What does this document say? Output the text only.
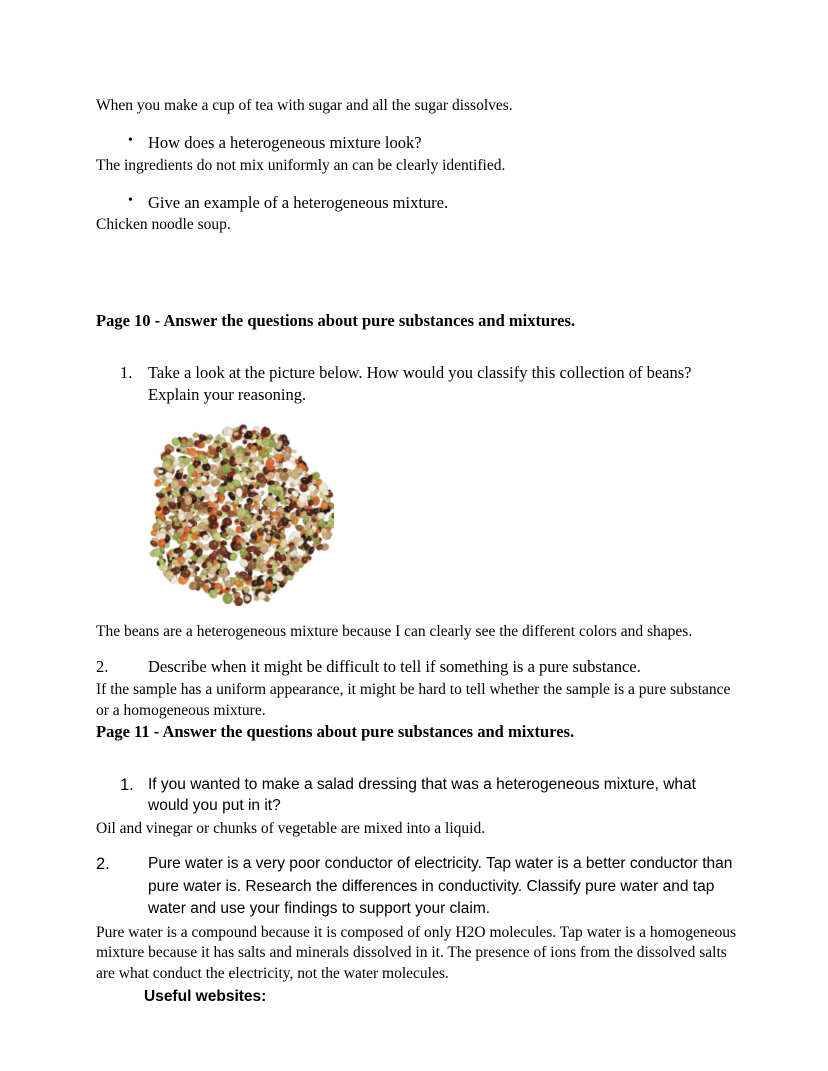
When you make a cup of tea with sugar and all the sugar dissolves.

• How does a heterogeneous mixture look?

The ingredients do not mix uniformly an can be clearly identified.

• Give an example of a heterogeneous mixture.

Chicken noodle soup.

Page 10 - Answer the questions about pure substances and mixtures.

1. Take a look at the picture below. How would you classify this collection of beans? Explain your reasoning.

The beans are a heterogeneous mixture because I can clearly see the different colors and shapes.

2.	Describe when it might be difficult to tell if something is a pure substance.

If the sample has a uniform appearance, it might be hard to tell whether the sample is a pure substance or a homogeneous mixture.

Page 11 - Answer the questions about pure substances and mixtures.

1. If you wanted to make a salad dressing that was a heterogeneous mixture, what would you put in it?

Oil and vinegar or chunks of vegetable are mixed into a liquid.

2.	Pure water is a very poor conductor of electricity. Tap water is a better conductor than pure water is. Research the differences in conductivity. Classify pure water and tap water and use your findings to support your claim.

Pure water is a compound because it is composed of only H2O molecules. Tap water is a homogeneous mixture because it has salts and minerals dissolved in it. The presence of ions from the dissolved salts are what conduct the electricity, not the water molecules.

Useful websites:
